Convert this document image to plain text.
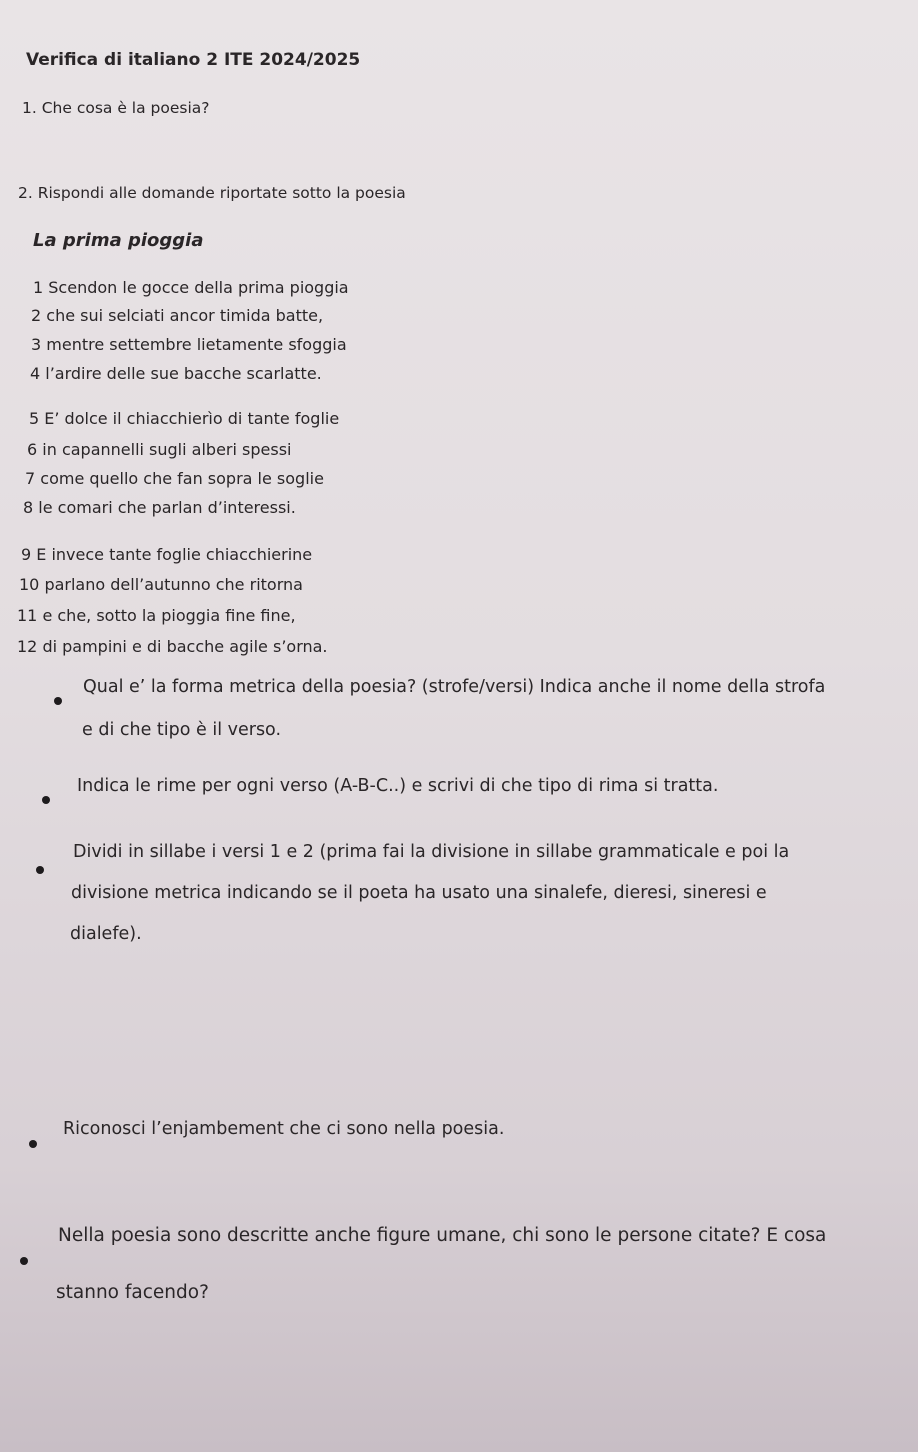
Verifica di italiano 2 ITE 2024/2025
1. Che cosa è la poesia?
2. Rispondi alle domande riportate sotto la poesia
La prima pioggia
1 Scendon le gocce della prima pioggia
2 che sui selciati ancor timida batte,
3 mentre settembre lietamente sfoggia
4 l’ardire delle sue bacche scarlatte.
5 E’ dolce il chiacchierìo di tante foglie
6 in capannelli sugli alberi spessi
7 come quello che fan sopra le soglie
8 le comari che parlan d’interessi.
9 E invece tante foglie chiacchierine
10 parlano dell’autunno che ritorna
11 e che, sotto la pioggia fine fine,
12 di pampini e di bacche agile s’orna.
Qual e’ la forma metrica della poesia? (strofe/versi) Indica anche il nome della strofa
e di che tipo è il verso.
Indica le rime per ogni verso (A-B-C..) e scrivi di che tipo di rima si tratta.
Dividi in sillabe i versi 1 e 2 (prima fai la divisione in sillabe grammaticale e poi la
divisione metrica indicando se il poeta ha usato una sinalefe, dieresi, sineresi e
dialefe).
Riconosci l’enjambement che ci sono nella poesia.
Nella poesia sono descritte anche figure umane, chi sono le persone citate? E cosa
stanno facendo?
